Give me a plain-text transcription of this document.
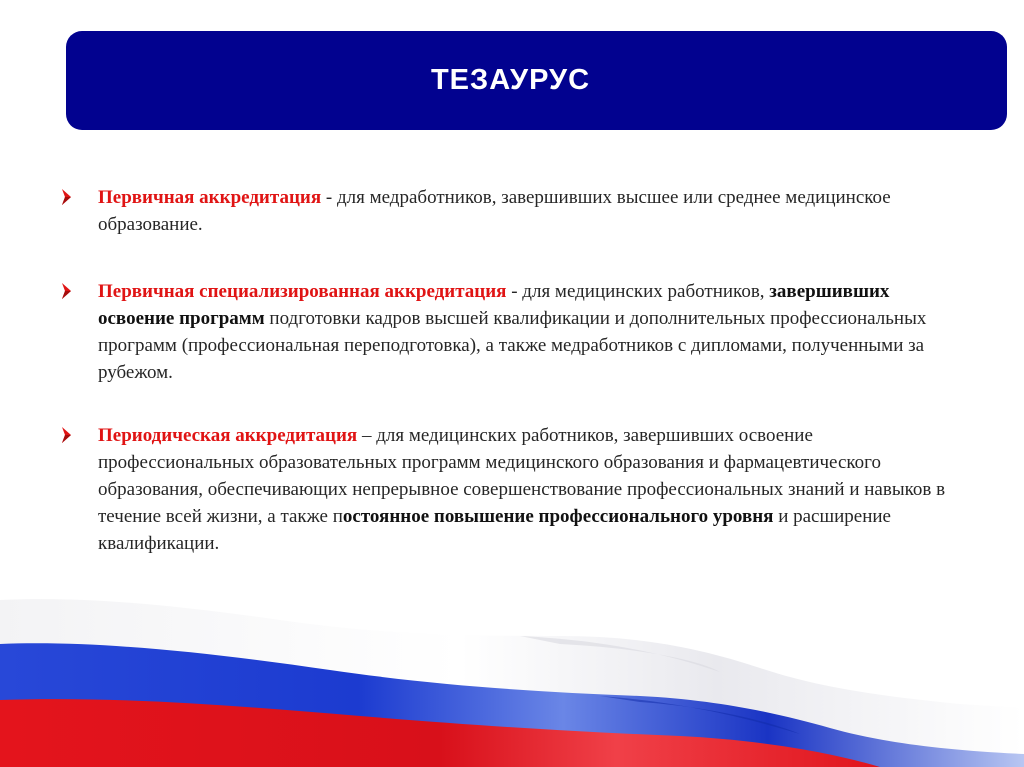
ТЕЗАУРУС
Первичная аккредитация - для медработников, завершивших высшее или среднее медицинское образование.
Первичная специализированная аккредитация - для медицинских работников, завершивших освоение программ подготовки кадров высшей квалификации и дополнительных профессиональных программ (профессиональная переподготовка), а также медработников с дипломами, полученными за рубежом.
Периодическая аккредитация – для медицинских работников, завершивших освоение профессиональных образовательных программ медицинского образования и фармацевтического образования, обеспечивающих непрерывное совершенствование профессиональных знаний и навыков в течение всей жизни, а также постоянное повышение профессионального уровня и расширение квалификации.
